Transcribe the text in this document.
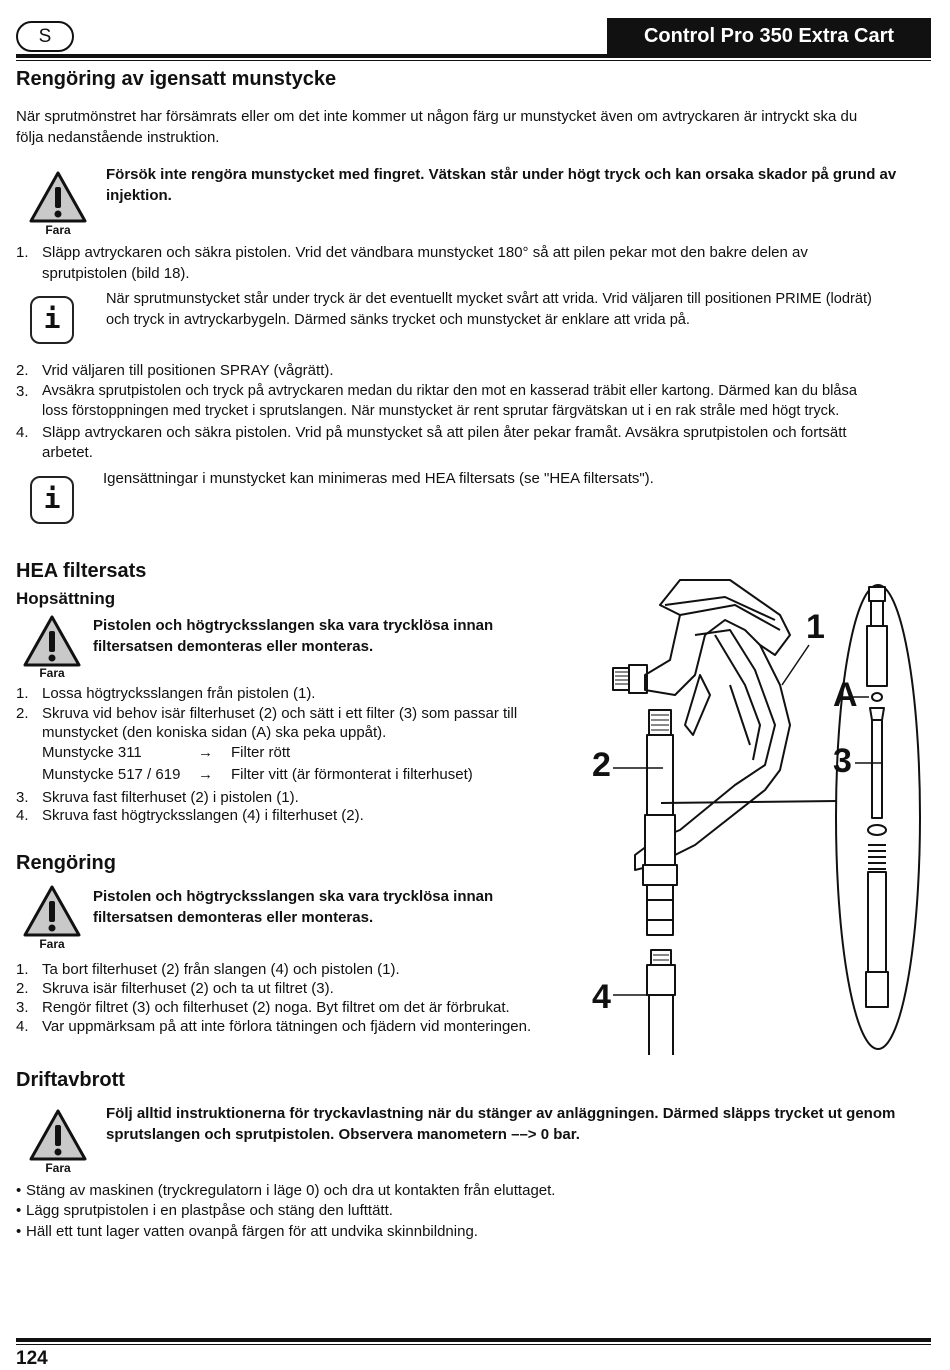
S	Control Pro 350 Extra Cart
Rengöring av igensatt munstycke
När sprutmönstret har försämrats eller om det inte kommer ut någon färg ur munstycket även om avtryckaren är intryckt ska du
följa nedanstående instruktion.
Fara
Försök inte rengöra munstycket med fingret. Vätskan står under högt tryck och kan orsaka skador på grund av
injektion.
1. Släpp avtryckaren och säkra pistolen. Vrid det vändbara munstycket 180° så att pilen pekar mot den bakre delen av
sprutpistolen (bild 18).
i
När sprutmunstycket står under tryck är det eventuellt mycket svårt att vrida. Vrid väljaren till positionen PRIME (lodrät)
och tryck in avtryckarbygeln. Därmed sänks trycket och munstycket är enklare att vrida på.
2. Vrid väljaren till positionen SPRAY (vågrätt).
3. Avsäkra sprutpistolen och tryck på avtryckaren medan du riktar den mot en kasserad träbit eller kartong. Därmed kan du blåsa
loss förstoppningen med trycket i sprutslangen. När munstycket är rent sprutar färgvätskan ut i en rak stråle med högt tryck.
4. Släpp avtryckaren och säkra pistolen. Vrid på munstycket så att pilen åter pekar framåt. Avsäkra sprutpistolen och fortsätt
arbetet.
i
Igensättningar i munstycket kan minimeras med HEA filtersats (se "HEA filtersats").
HEA filtersats
Hopsättning
Fara
Pistolen och högtrycksslangen ska vara trycklösa innan
filtersatsen demonteras eller monteras.
1. Lossa högtrycksslangen från pistolen (1).
2. Skruva vid behov isär filterhuset (2) och sätt i ett filter (3) som passar till
munstycket (den koniska sidan (A) ska peka uppåt).
Munstycke 311	→ Filter rött
Munstycke 517 / 619 → Filter vitt (är förmonterat i filterhuset)
3. Skruva fast filterhuset (2) i pistolen (1).
4. Skruva fast högtrycksslangen (4) i filterhuset (2).
Rengöring
Fara
Pistolen och högtrycksslangen ska vara trycklösa innan
filtersatsen demonteras eller monteras.
1. Ta bort filterhuset (2) från slangen (4) och pistolen (1).
2. Skruva isär filterhuset (2) och ta ut filtret (3).
3. Rengör filtret (3) och filterhuset (2) noga. Byt filtret om det är förbrukat.
4. Var uppmärksam på att inte förlora tätningen och fjädern vid monteringen.
Driftavbrott
Fara
Följ alltid instruktionerna för tryckavlastning när du stänger av anläggningen. Därmed släpps trycket ut genom
sprutslangen och sprutpistolen. Observera manometern ––> 0 bar.
• Stäng av maskinen (tryckregulatorn i läge 0) och dra ut kontakten från eluttaget.
• Lägg sprutpistolen i en plastpåse och stäng den lufttätt.
• Häll ett tunt lager vatten ovanpå färgen för att undvika skinnbildning.
1
2
A
3
4
124
